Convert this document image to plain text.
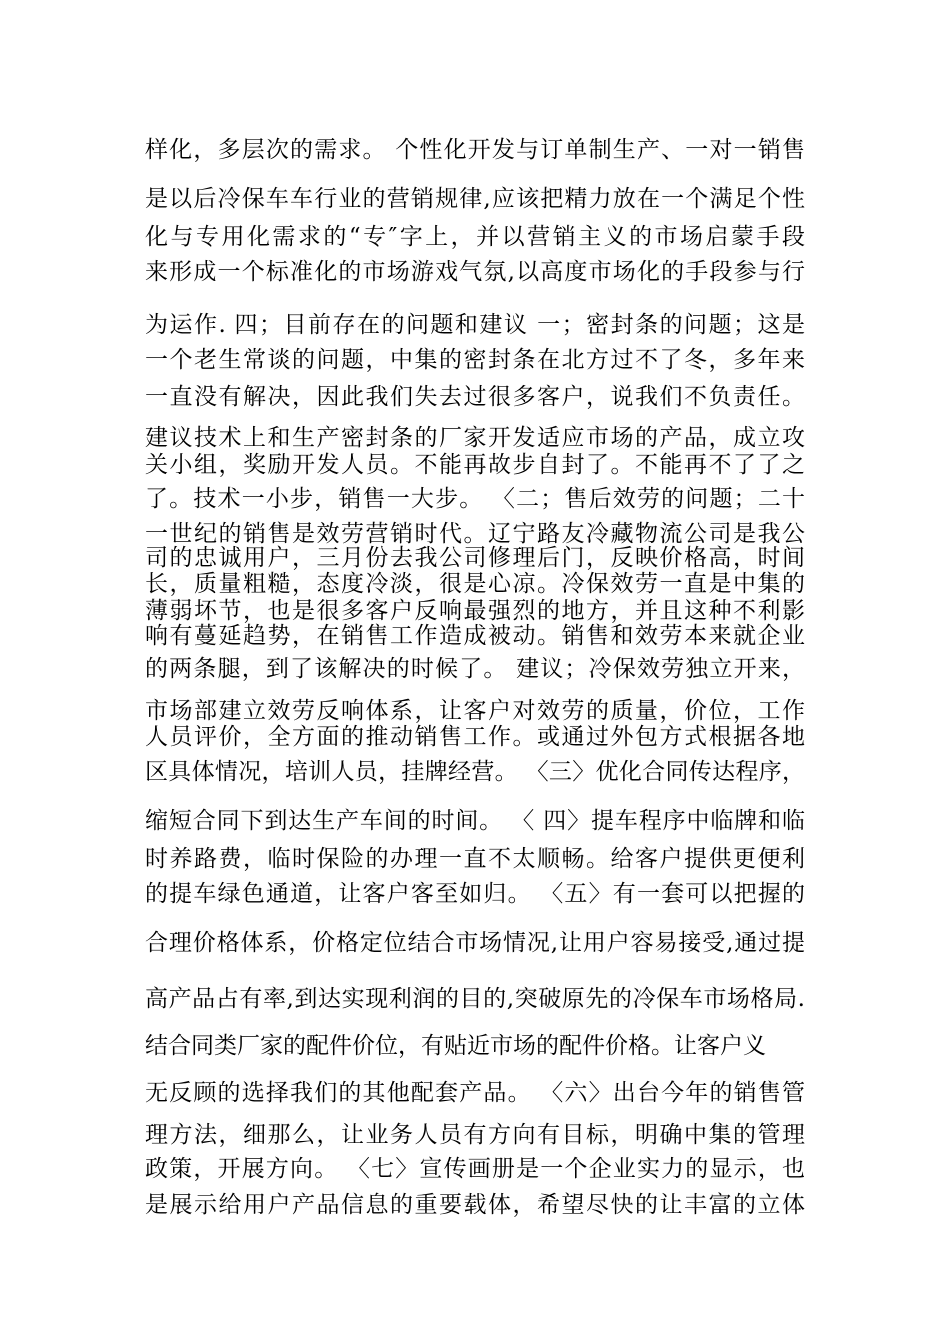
样化，多层次的需求。 个性化开发与订单制生产、一对一销售
是以后冷保车车行业的营销规律,应该把精力放在一个满足个性
化与专用化需求的“专″字上，并以营销主义的市场启蒙手段
来形成一个标准化的市场游戏气氛,以高度市场化的手段参与行
为运作. 四；目前存在的问题和建议 一；密封条的问题；这是
一个老生常谈的问题，中集的密封条在北方过不了冬，多年来
一直没有解决，因此我们失去过很多客户，说我们不负责任。
建议技术上和生产密封条的厂家开发适应市场的产品，成立攻
关小组，奖励开发人员。不能再故步自封了。不能再不了了之
了。技术一小步，销售一大步。 〈二；售后效劳的问题；二十
一世纪的销售是效劳营销时代。辽宁路友冷藏物流公司是我公
司的忠诚用户，三月份去我公司修理后门，反映价格高，时间
长，质量粗糙，态度冷淡，很是心凉。冷保效劳一直是中集的
薄弱坏节，也是很多客户反响最强烈的地方，并且这种不利影
响有蔓延趋势，在销售工作造成被动。销售和效劳本来就企业
的两条腿，到了该解决的时候了。 建议；冷保效劳独立开来，
市场部建立效劳反响体系，让客户对效劳的质量，价位，工作
人员评价，全方面的推动销售工作。或通过外包方式根据各地
区具体情况，培训人员，挂牌经营。 〈三〉优化合同传达程序，
缩短合同下到达生产车间的时间。 〈 四〉提车程序中临牌和临
时养路费，临时保险的办理一直不太顺畅。给客户提供更便利
的提车绿色通道，让客户客至如归。 〈五〉有一套可以把握的
合理价格体系，价格定位结合市场情况,让用户容易接受,通过提
高产品占有率,到达实现利润的目的,突破原先的冷保车市场格局.
结合同类厂家的配件价位，有贴近市场的配件价格。让客户义
无反顾的选择我们的其他配套产品。 〈六〉出台今年的销售管
理方法，细那么，让业务人员有方向有目标，明确中集的管理
政策，开展方向。 〈七〉宣传画册是一个企业实力的显示，也
是展示给用户产品信息的重要载体，希望尽快的让丰富的立体
